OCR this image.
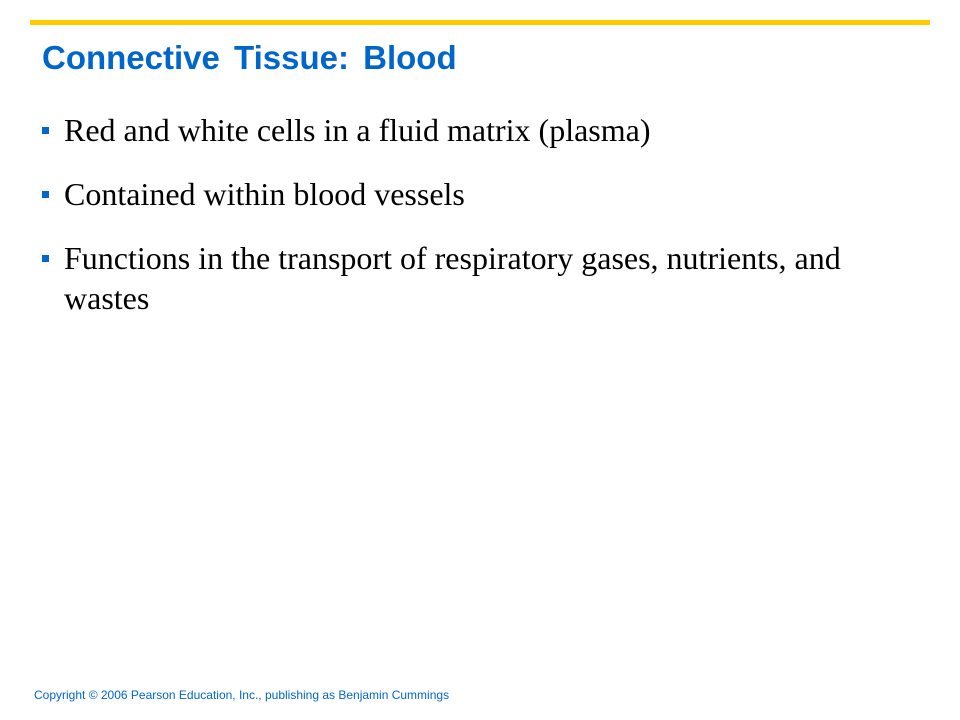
Connective Tissue: Blood
Red and white cells in a fluid matrix (plasma)
Contained within blood vessels
Functions in the transport of respiratory gases, nutrients, and wastes
Copyright © 2006 Pearson Education, Inc., publishing as Benjamin Cummings
